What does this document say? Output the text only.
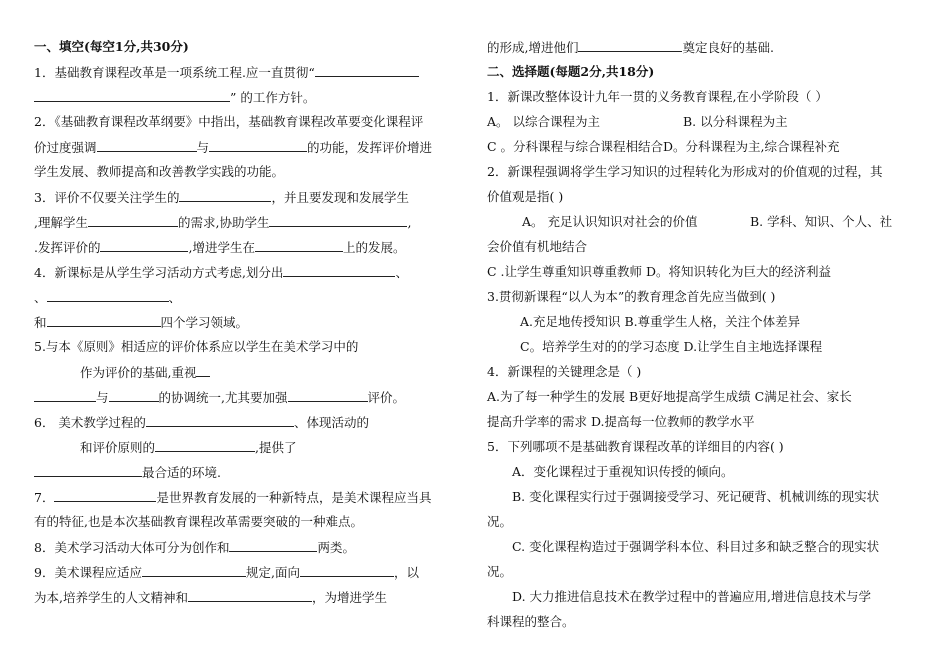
一、填空(每空1分,共30分)
1．基础教育课程改革是一项系统工程.应一直贯彻“
” 的工作方针。
2．《基础教育课程改革纲要》中指出，基础教育课程改革要变化课程评
价过度强调	与	的功能，发挥评价增进
学生发展、教师提高和改善教学实践的功能。
3．评价不仅要关注学生的	，并且要发现和发展学生
,理解学生	的需求,协助学生	,
.发挥评价的	,增进学生在	上的发展。
4．新课标是从学生学习活动方式考虑,划分出	、
、	、
和	四个学习领域。
5.与本《原则》相适应的评价体系应以学生在美术学习中的
作为评价的基础,重视
与	的协调统一,尤其要加强	评价。
6． 美术教学过程的	、体现活动的
和评价原则的	,提供了
最合适的环境.
7．	是世界教育发展的一种新特点，是美术课程应当具
有的特征,也是本次基础教育课程改革需要突破的一种难点。
8．美术学习活动大体可分为创作和	两类。
9．美术课程应适应	规定,面向	，以
为本,培养学生的人文精神和	，为增进学生
的形成,增进他们	奠定良好的基础.
二、选择题(每题2分,共18分)
1．新课改整体设计九年一贯的义务教育课程,在小学阶段（ ）
A。 以综合课程为主	B. 以分科课程为主
C 。分科课程与综合课程相结合D。分科课程为主,综合课程补充
2．新课程强调将学生学习知识的过程转化为形成对的价值观的过程，其
价值观是指( )
A。 充足认识知识对社会的价值	B. 学科、知识、个人、社
会价值有机地结合
C .让学生尊重知识尊重教师 D。将知识转化为巨大的经济利益
3.贯彻新课程“以人为本”的教育理念首先应当做到( )
A.充足地传授知识 B.尊重学生人格，关注个体差异
C。培养学生对的的学习态度 D.让学生自主地选择课程
4．新课程的关键理念是（ )
A.为了每一种学生的发展 B更好地提高学生成绩 C满足社会、家长
提高升学率的需求 D.提高每一位教师的教学水平
5．下列哪项不是基础教育课程改革的详细目的内容( )
A．变化课程过于重视知识传授的倾向。
B. 变化课程实行过于强调接受学习、死记硬背、机械训练的现实状
况。
C. 变化课程构造过于强调学科本位、科目过多和缺乏整合的现实状
况。
D. 大力推进信息技术在教学过程中的普遍应用,增进信息技术与学
科课程的整合。
